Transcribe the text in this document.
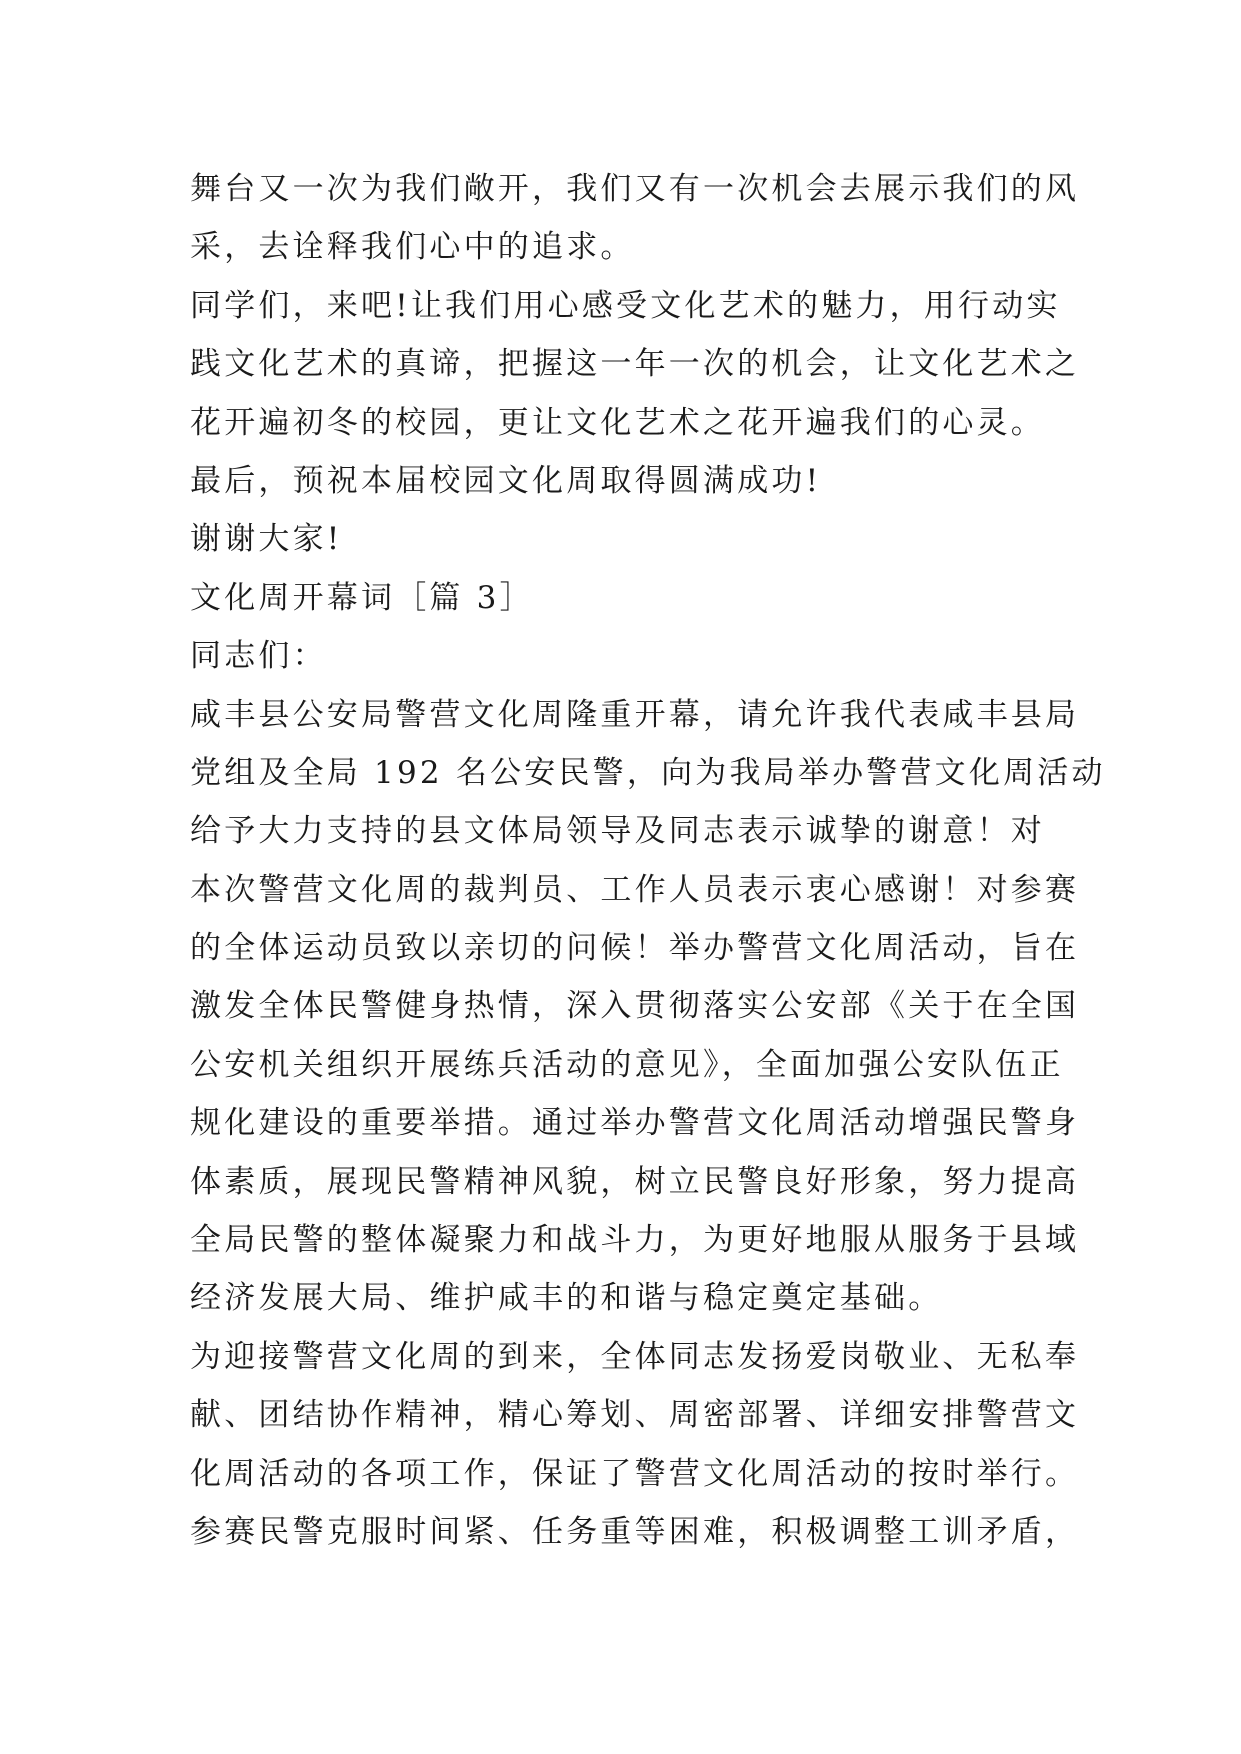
舞台又一次为我们敞开，我们又有一次机会去展示我们的风
采，去诠释我们心中的追求。
同学们，来吧!让我们用心感受文化艺术的魅力，用行动实
践文化艺术的真谛，把握这一年一次的机会，让文化艺术之
花开遍初冬的校园，更让文化艺术之花开遍我们的心灵。
最后，预祝本届校园文化周取得圆满成功!
谢谢大家!
文化周开幕词［篇 3］
同志们：
咸丰县公安局警营文化周隆重开幕，请允许我代表咸丰县局
党组及全局 192 名公安民警，向为我局举办警营文化周活动
给予大力支持的县文体局领导及同志表示诚挚的谢意！对
本次警营文化周的裁判员、工作人员表示衷心感谢！对参赛
的全体运动员致以亲切的问候！举办警营文化周活动，旨在
激发全体民警健身热情，深入贯彻落实公安部《关于在全国
公安机关组织开展练兵活动的意见》，全面加强公安队伍正
规化建设的重要举措。通过举办警营文化周活动增强民警身
体素质，展现民警精神风貌，树立民警良好形象，努力提高
全局民警的整体凝聚力和战斗力，为更好地服从服务于县域
经济发展大局、维护咸丰的和谐与稳定奠定基础。
为迎接警营文化周的到来，全体同志发扬爱岗敬业、无私奉
献、团结协作精神，精心筹划、周密部署、详细安排警营文
化周活动的各项工作，保证了警营文化周活动的按时举行。
参赛民警克服时间紧、任务重等困难，积极调整工训矛盾，
